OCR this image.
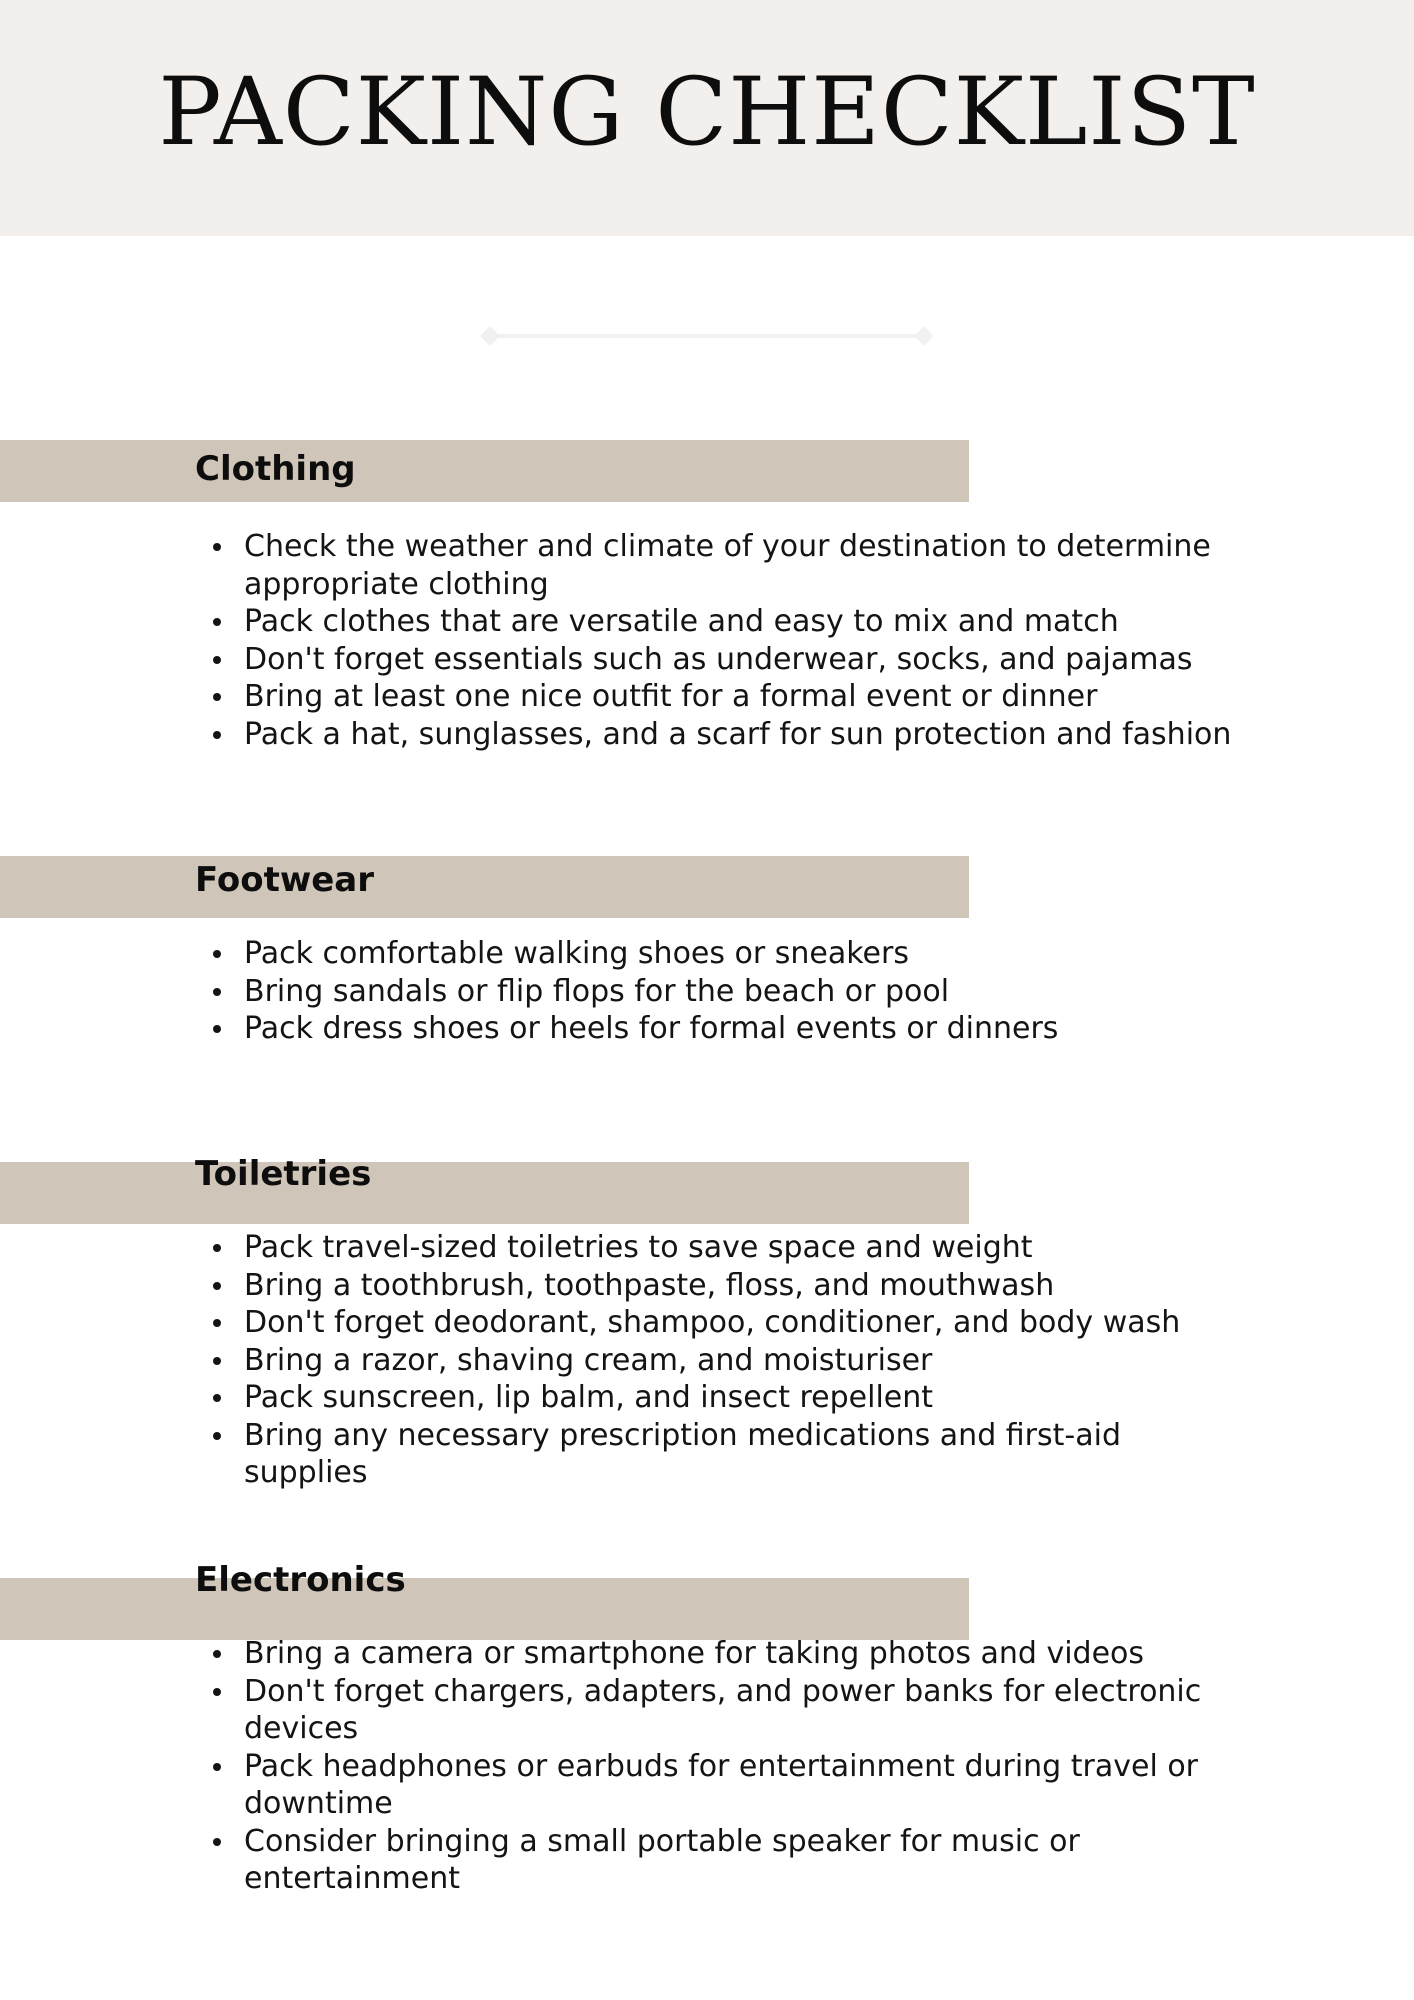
PACKING CHECKLIST
Clothing
Check the weather and climate of your destination to determine appropriate clothing
Pack clothes that are versatile and easy to mix and match
Don't forget essentials such as underwear, socks, and pajamas
Bring at least one nice outfit for a formal event or dinner
Pack a hat, sunglasses, and a scarf for sun protection and fashion
Footwear
Pack comfortable walking shoes or sneakers
Bring sandals or flip flops for the beach or pool
Pack dress shoes or heels for formal events or dinners
Toiletries
Pack travel-sized toiletries to save space and weight
Bring a toothbrush, toothpaste, floss, and mouthwash
Don't forget deodorant, shampoo, conditioner, and body wash
Bring a razor, shaving cream, and moisturiser
Pack sunscreen, lip balm, and insect repellent
Bring any necessary prescription medications and first-aid supplies
Electronics
Bring a camera or smartphone for taking photos and videos
Don't forget chargers, adapters, and power banks for electronic devices
Pack headphones or earbuds for entertainment during travel or downtime
Consider bringing a small portable speaker for music or entertainment
